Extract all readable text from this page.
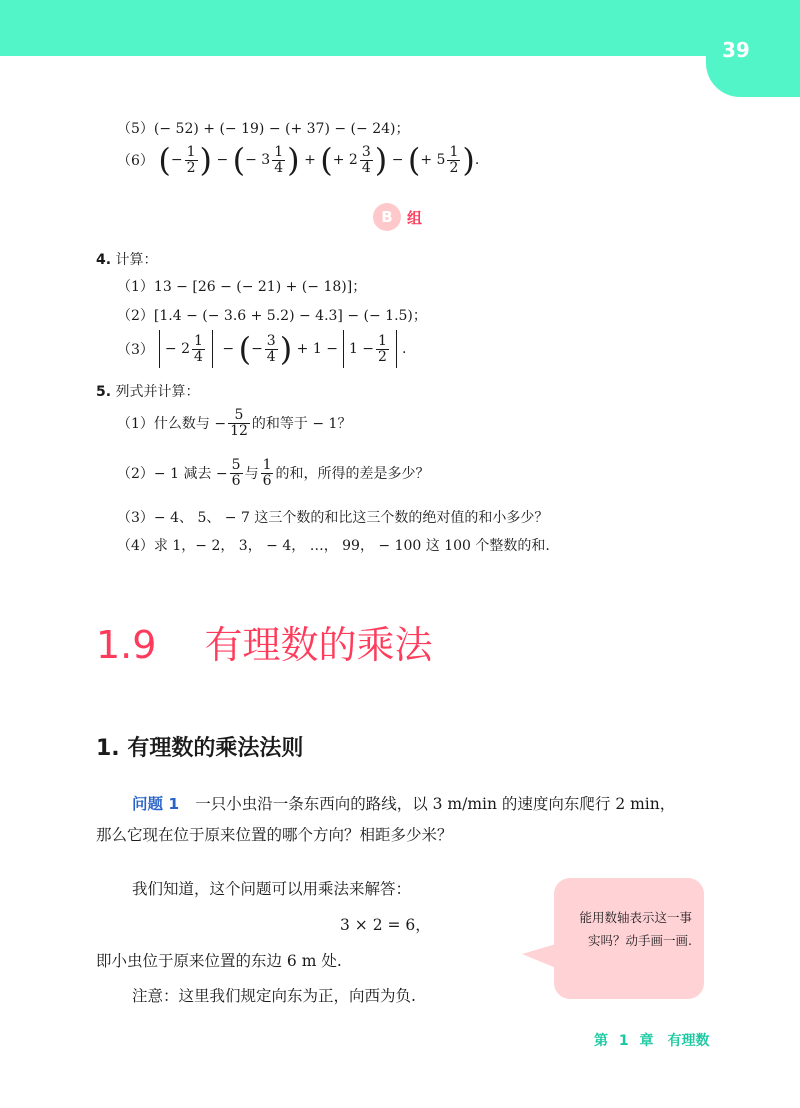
39
（5）(− 52) + (− 19) − (+ 37) − (− 24)；
（6） (− $\frac{1}{2}$ ) − (− $3 \frac{1}{4}$ ) + (+ $2 \frac{3}{4}$ ) − (+ $5 \frac{1}{2}$ ).
B 组
4. 计算：
（1）13 − [26 − (− 21) + (− 18)]；
（2）[1.4 − (− 3.6 + 5.2) − 4.3] − (− 1.5)；
$(3) - 2 \frac{1}{4}$ − (− $\frac{3}{4}$ ) + $1 - 1 - \frac{1}{2}$ .
5. 列式并计算：
（1）什么数与 − $\frac{5}{12}$ 的和等于 − 1？
（2）− 1 减去 − $\frac{5}{6}$ 与 $\frac{1}{6}$ 的和，所得的差是多少？
（3）− 4、 5、 − 7 这三个数的和比这三个数的绝对值的和小多少？
（4）求 1，− 2， 3， − 4， …， 99， − 100 这 100 个整数的和.
1.9 有理数的乘法
1. 有理数的乘法法则
问题 1 一只小虫沿一条东西向的路线，以 3 m/min 的速度向东爬行 2 min，
那么它现在位于原来位置的哪个方向？相距多少米？
我们知道，这个问题可以用乘法来解答：
3 × 2 = 6，
即小虫位于原来位置的东边 6 m 处.
注意：这里我们规定向东为正，向西为负.
能用数轴表示这一事实吗？动手画一画.
第 1 章　有理数
